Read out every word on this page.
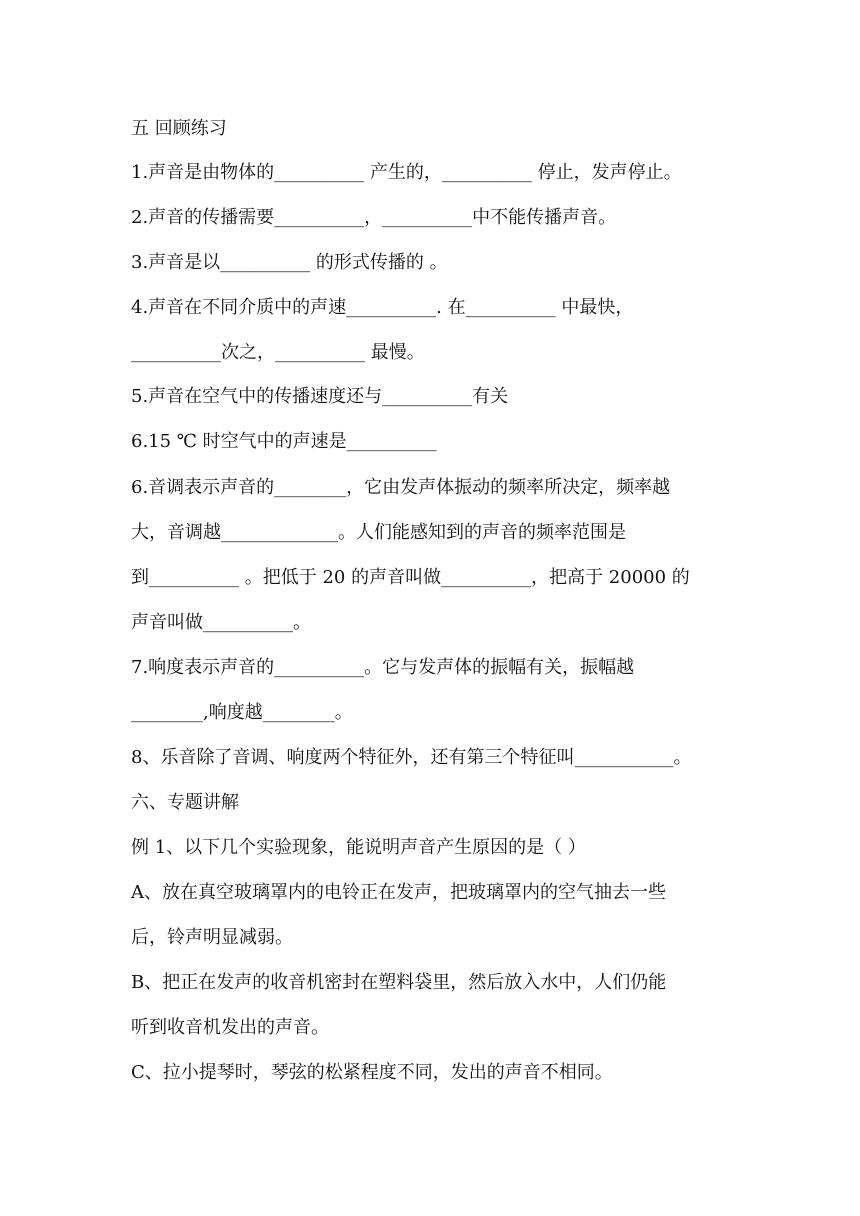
五 回顾练习
1.声音是由物体的__________ 产生的，__________ 停止，发声停止。
2.声音的传播需要__________，__________中不能传播声音。
3.声音是以__________ 的形式传播的 。
4.声音在不同介质中的声速__________. 在__________ 中最快，
__________次之，__________ 最慢。
5.声音在空气中的传播速度还与__________有关
6.15 ℃ 时空气中的声速是__________
6.音调表示声音的________，它由发声体振动的频率所决定，频率越
大，音调越_____________。人们能感知到的声音的频率范围是
到__________ 。把低于 20 的声音叫做__________，把高于 20000 的
声音叫做__________。
7.响度表示声音的__________。它与发声体的振幅有关，振幅越
________,响度越________。
8、乐音除了音调、响度两个特征外，还有第三个特征叫___________。
六、专题讲解
例 1、以下几个实验现象，能说明声音产生原因的是（ ）
A、放在真空玻璃罩内的电铃正在发声，把玻璃罩内的空气抽去一些
后，铃声明显减弱。
B、把正在发声的收音机密封在塑料袋里，然后放入水中，人们仍能
听到收音机发出的声音。
C、拉小提琴时，琴弦的松紧程度不同，发出的声音不相同。
